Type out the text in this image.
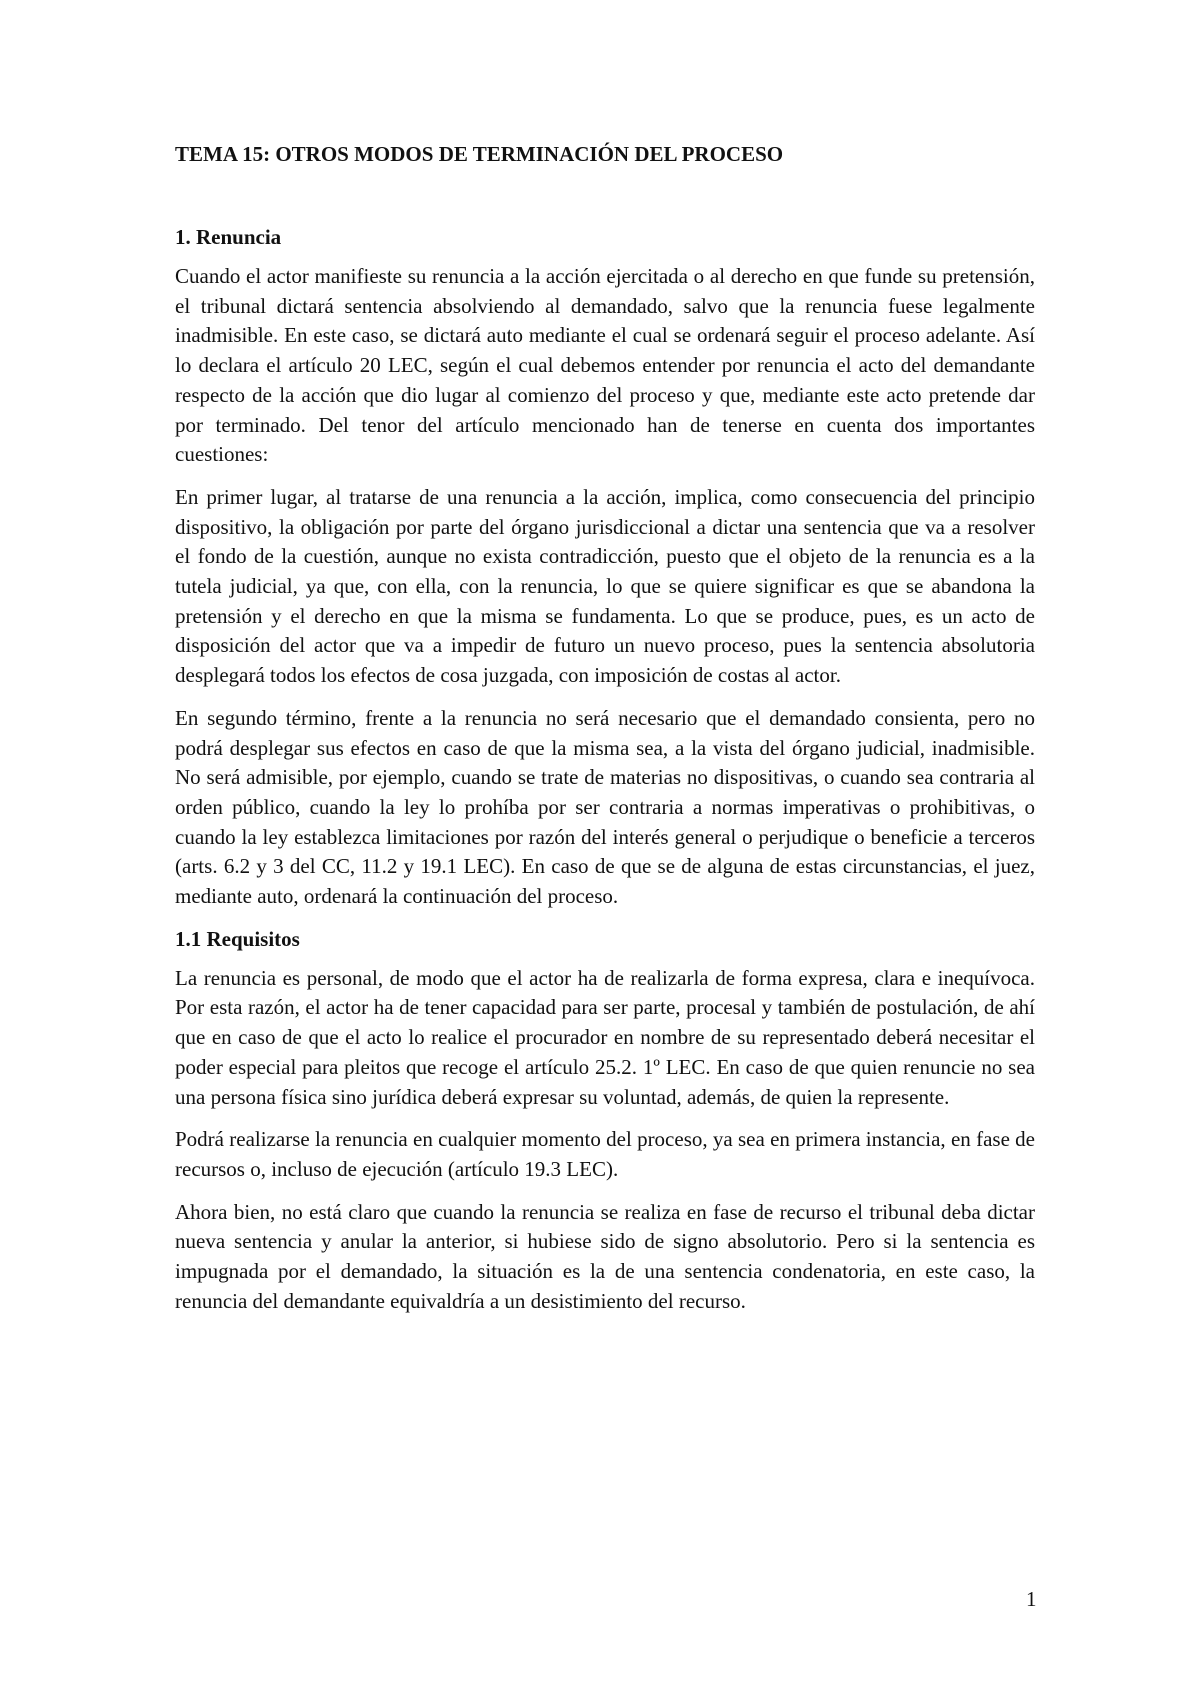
TEMA 15: OTROS MODOS DE TERMINACIÓN DEL PROCESO
1. Renuncia

Cuando el actor manifieste su renuncia a la acción ejercitada o al derecho en que funde su pretensión, el tribunal dictará sentencia absolviendo al demandado, salvo que la renuncia fuese legalmente inadmisible. En este caso, se dictará auto mediante el cual se ordenará seguir el proceso adelante. Así lo declara el artículo 20 LEC, según el cual debemos entender por renuncia el acto del demandante respecto de la acción que dio lugar al comienzo del proceso y que, mediante este acto pretende dar por terminado. Del tenor del artículo mencionado han de tenerse en cuenta dos importantes cuestiones:

En primer lugar, al tratarse de una renuncia a la acción, implica, como consecuencia del principio dispositivo, la obligación por parte del órgano jurisdiccional a dictar una sentencia que va a resolver el fondo de la cuestión, aunque no exista contradicción, puesto que el objeto de la renuncia es a la tutela judicial, ya que, con ella, con la renuncia, lo que se quiere significar es que se abandona la pretensión y el derecho en que la misma se fundamenta. Lo que se produce, pues, es un acto de disposición del actor que va a impedir de futuro un nuevo proceso, pues la sentencia absolutoria desplegará todos los efectos de cosa juzgada, con imposición de costas al actor.

En segundo término, frente a la renuncia no será necesario que el demandado consienta, pero no podrá desplegar sus efectos en caso de que la misma sea, a la vista del órgano judicial, inadmisible. No será admisible, por ejemplo, cuando se trate de materias no dispositivas, o cuando sea contraria al orden público, cuando la ley lo prohíba por ser contraria a normas imperativas o prohibitivas, o cuando la ley establezca limitaciones por razón del interés general o perjudique o beneficie a terceros (arts. 6.2 y 3 del CC, 11.2 y 19.1 LEC). En caso de que se de alguna de estas circunstancias, el juez, mediante auto, ordenará la continuación del proceso.

1.1 Requisitos

La renuncia es personal, de modo que el actor ha de realizarla de forma expresa, clara e inequívoca. Por esta razón, el actor ha de tener capacidad para ser parte, procesal y también de postulación, de ahí que en caso de que el acto lo realice el procurador en nombre de su representado deberá necesitar el poder especial para pleitos que recoge el artículo 25.2. 1º LEC. En caso de que quien renuncie no sea una persona física sino jurídica deberá expresar su voluntad, además, de quien la represente.

Podrá realizarse la renuncia en cualquier momento del proceso, ya sea en primera instancia, en fase de recursos o, incluso de ejecución (artículo 19.3 LEC).

Ahora bien, no está claro que cuando la renuncia se realiza en fase de recurso el tribunal deba dictar nueva sentencia y anular la anterior, si hubiese sido de signo absolutorio. Pero si la sentencia es impugnada por el demandado, la situación es la de una sentencia condenatoria, en este caso, la renuncia del demandante equivaldría a un desistimiento del recurso.

1
